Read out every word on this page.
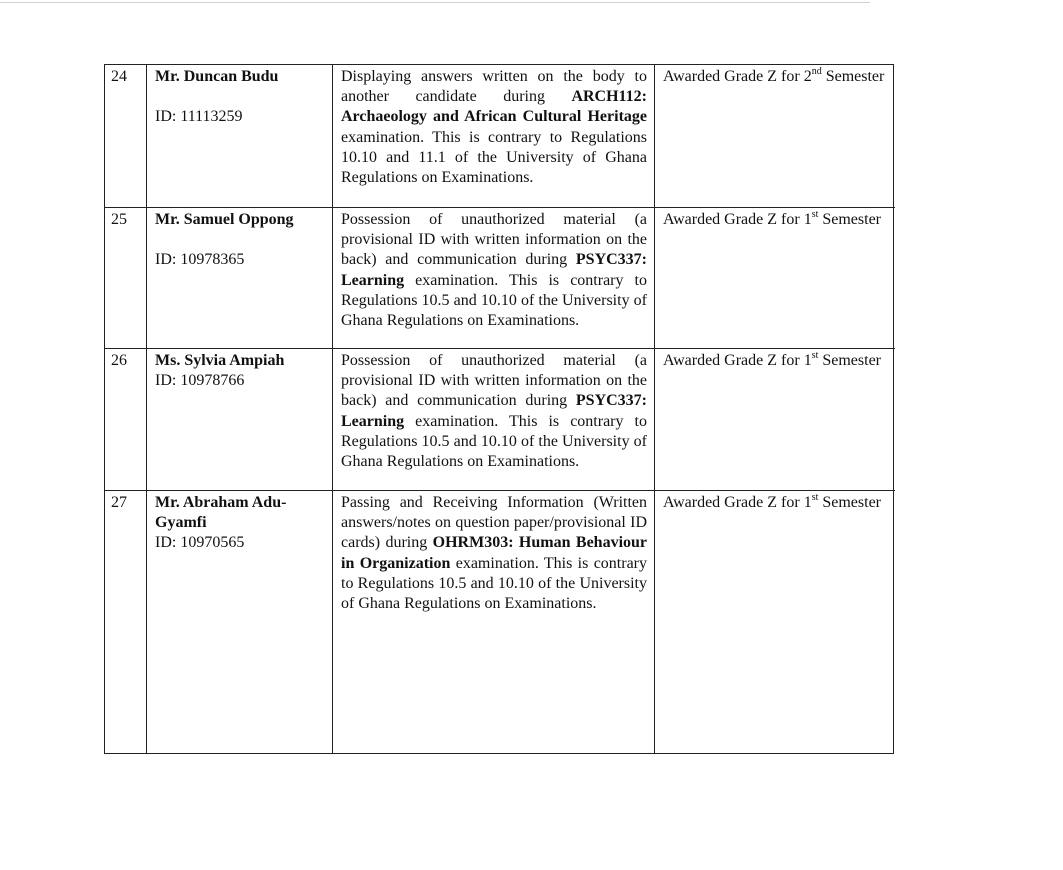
24 Mr. Duncan Budu
ID: 11113259
Displaying answers written on the body to another candidate during ARCH112: Archaeology and African Cultural Heritage examination. This is contrary to Regulations 10.10 and 11.1 of the University of Ghana Regulations on Examinations.
Awarded Grade Z for 2nd Semester
25 Mr. Samuel Oppong
ID: 10978365
Possession of unauthorized material (a provisional ID with written information on the back) and communication during PSYC337: Learning examination. This is contrary to Regulations 10.5 and 10.10 of the University of Ghana Regulations on Examinations.
Awarded Grade Z for 1st Semester
26 Ms. Sylvia Ampiah
ID: 10978766
Possession of unauthorized material (a provisional ID with written information on the back) and communication during PSYC337: Learning examination. This is contrary to Regulations 10.5 and 10.10 of the University of Ghana Regulations on Examinations.
Awarded Grade Z for 1st Semester
27 Mr. Abraham Adu-Gyamfi
ID: 10970565
Passing and Receiving Information (Written answers/notes on question paper/provisional ID cards) during OHRM303: Human Behaviour in Organization examination. This is contrary to Regulations 10.5 and 10.10 of the University of Ghana Regulations on Examinations.
Awarded Grade Z for 1st Semester
